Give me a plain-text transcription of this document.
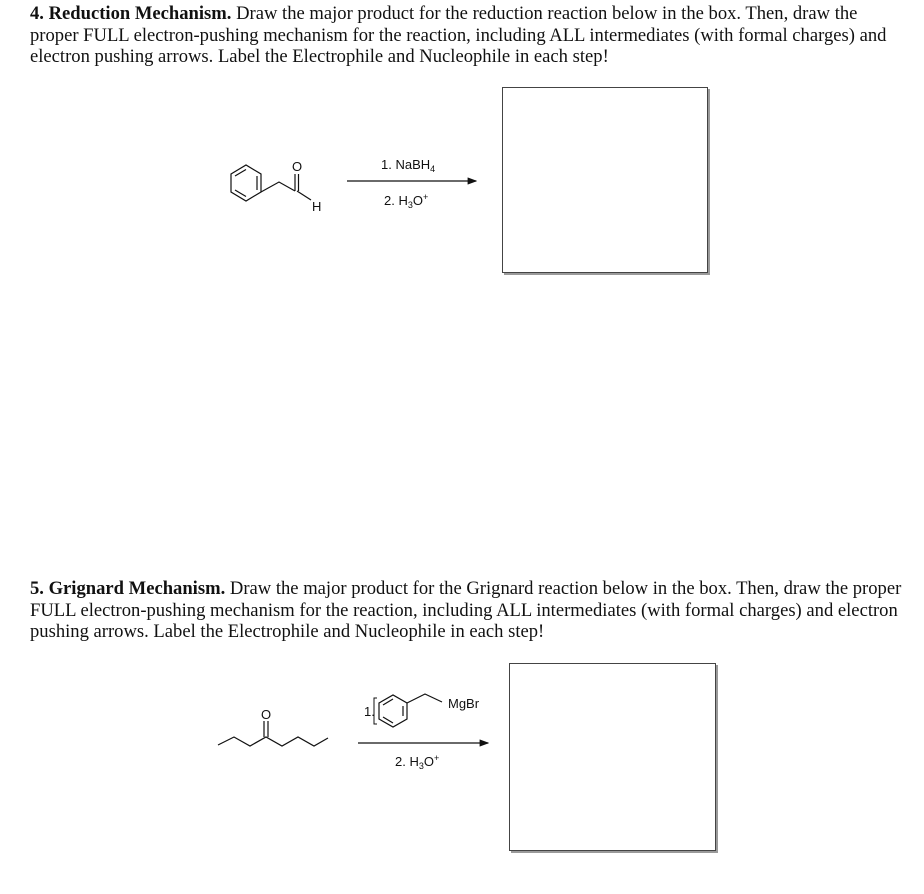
4. Reduction Mechanism. Draw the major product for the reduction reaction below in the box. Then, draw the proper FULL electron-pushing mechanism for the reaction, including ALL intermediates (with formal charges) and electron pushing arrows. Label the Electrophile and Nucleophile in each step!
5. Grignard Mechanism. Draw the major product for the Grignard reaction below in the box. Then, draw the proper FULL electron-pushing mechanism for the reaction, including ALL intermediates (with formal charges) and electron pushing arrows. Label the Electrophile and Nucleophile in each step!
O
H
1. NaBH$_4$
2. $H_3O^+$
O	1.
MgBr
2. $H_3O^+$
